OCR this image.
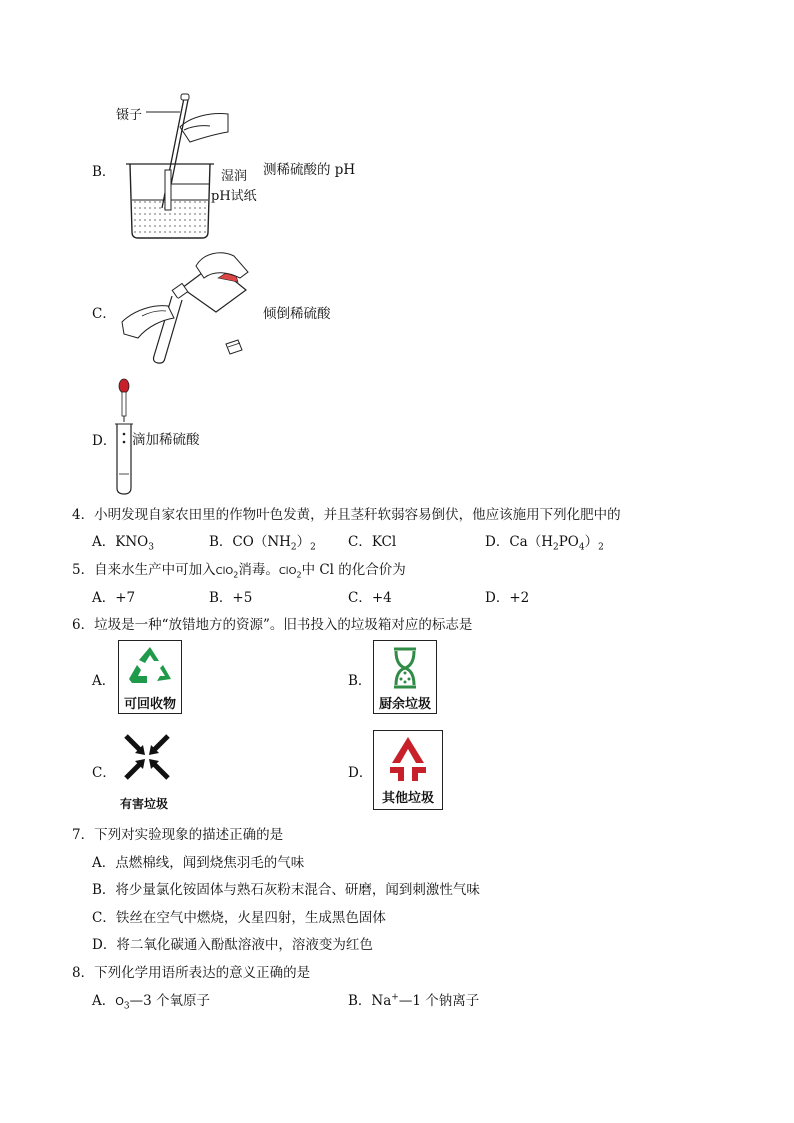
B．
镊子
湿润
pH试纸
测稀硫酸的 pH
C．	倾倒稀硫酸
D． 滴加稀硫酸
4．小明发现自家农田里的作物叶色发黄，并且茎秆软弱容易倒伏，他应该施用下列化肥中的
A．$KNO_3$	B．$CO(NH_2)_2$ C．KCl	D．$Ca(H_2PO_4)_2$
5．自来水生产中可加入ClO$_2$消毒。ClO$_2$中 Cl 的化合价为
A．+7	B．+5	C．+4	D．+2
6．垃圾是一种“放错地方的资源”。旧书投入的垃圾箱对应的标志是
A．
可回收物
B．
厨余垃圾
C．
有害垃圾
D．
其他垃圾
7．下列对实验现象的描述正确的是
A．点燃棉线，闻到烧焦羽毛的气味
B．将少量氯化铵固体与熟石灰粉末混合、研磨，闻到刺激性气味
C．铁丝在空气中燃烧，火星四射，生成黑色固体
D．将二氧化碳通入酚酞溶液中，溶液变为红色
8．下列化学用语所表达的意义正确的是
A．$O_3—3$ 个氧原子	B．Na+—1 个钠离子
